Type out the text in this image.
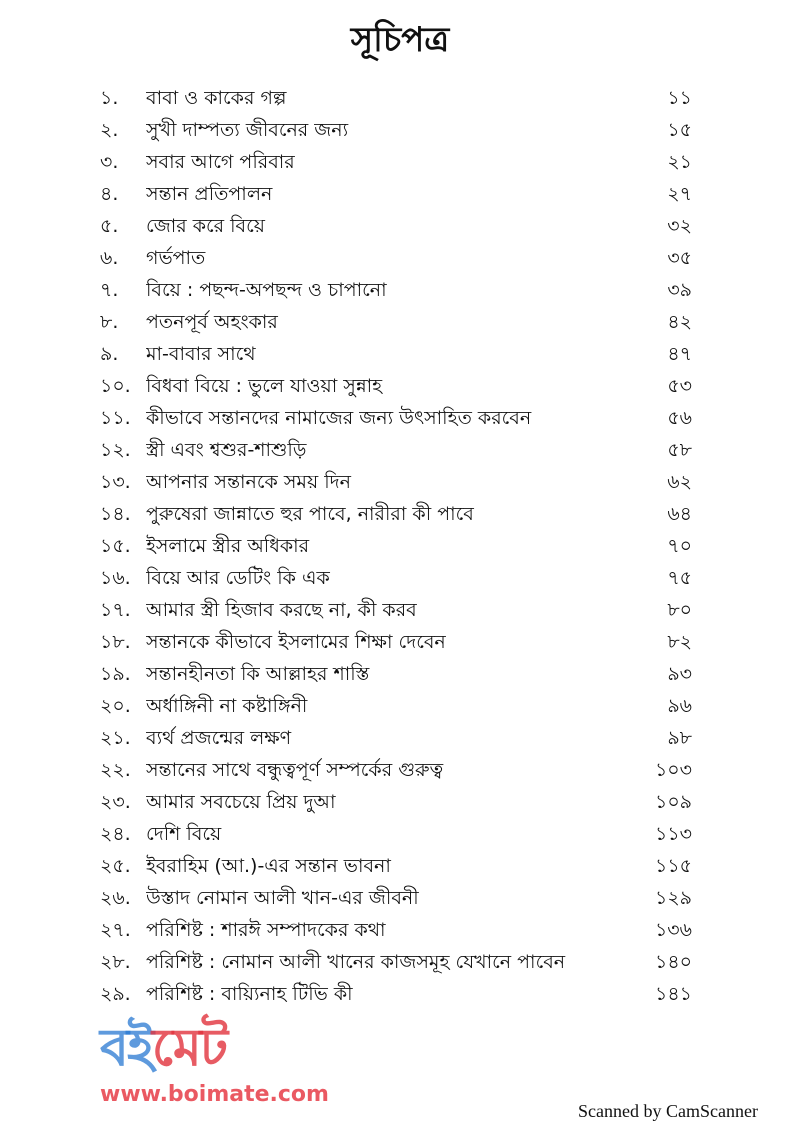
সূচিপত্র
১.	বাবা ও কাকের গল্প	১১
২.	সুখী দাম্পত্য জীবনের জন্য	১৫
৩.	সবার আগে পরিবার	২১
৪.	সন্তান প্রতিপালন	২৭
৫.	জোর করে বিয়ে	৩২
৬.	গর্ভপাত	৩৫
৭.	বিয়ে : পছন্দ-অপছন্দ ও চাপানো	৩৯
৮.	পতনপূর্ব অহংকার	৪২
৯.	মা-বাবার সাথে	৪৭
১০. বিধবা বিয়ে : ভুলে যাওয়া সুন্নাহ	৫৩
১১. কীভাবে সন্তানদের নামাজের জন্য উৎসাহিত করবেন	৫৬
১২. স্ত্রী এবং শ্বশুর-শাশুড়ি	৫৮
১৩. আপনার সন্তানকে সময় দিন	৬২
১৪. পুরুষেরা জান্নাতে হুর পাবে, নারীরা কী পাবে	৬৪
১৫. ইসলামে স্ত্রীর অধিকার	৭০
১৬. বিয়ে আর ডেটিং কি এক	৭৫
১৭. আমার স্ত্রী হিজাব করছে না, কী করব	৮০
১৮. সন্তানকে কীভাবে ইসলামের শিক্ষা দেবেন	৮২
১৯. সন্তানহীনতা কি আল্লাহর শাস্তি	৯৩
২০. অর্ধাঙ্গিনী না কষ্টাঙ্গিনী	৯৬
২১. ব্যর্থ প্রজন্মের লক্ষণ	৯৮
২২. সন্তানের সাথে বন্ধুত্বপূর্ণ সম্পর্কের গুরুত্ব	১০৩
২৩. আমার সবচেয়ে প্রিয় দুআ	১০৯
২৪. দেশি বিয়ে	১১৩
২৫. ইবরাহিম (আ.)-এর সন্তান ভাবনা	১১৫
২৬. উস্তাদ নোমান আলী খান-এর জীবনী	১২৯
২৭. পরিশিষ্ট : শারঈ সম্পাদকের কথা	১৩৬
২৮. পরিশিষ্ট : নোমান আলী খানের কাজসমূহ যেখানে পাবেন	১৪০
২৯. পরিশিষ্ট : বায়্যিনাহ টিভি কী	১৪১
বইমেট
www.boimate.com
Scanned by CamScanner
